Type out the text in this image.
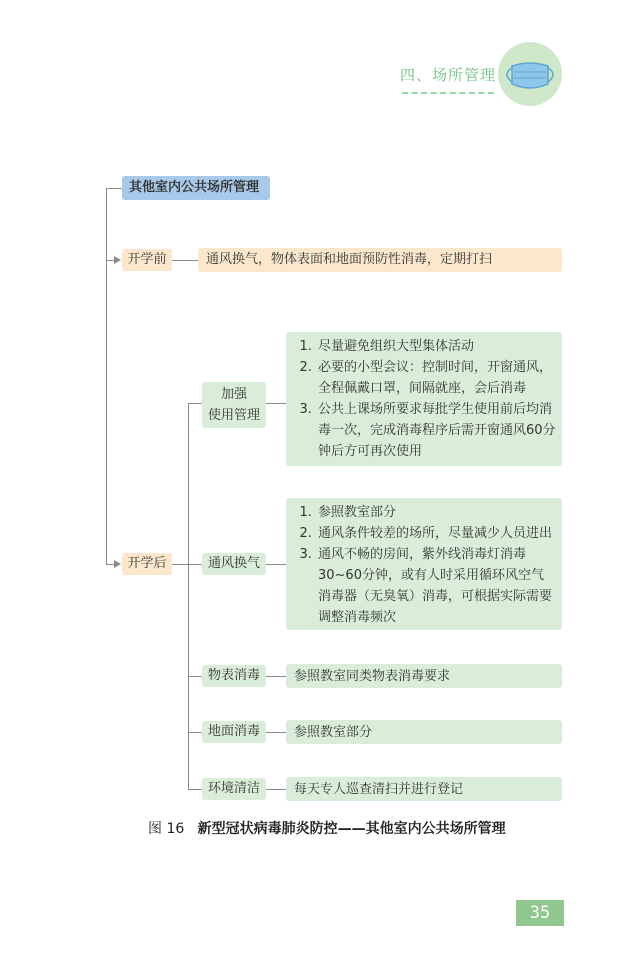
四、场所管理
其他室内公共场所管理
开学前	通风换气，物体表面和地面预防性消毒，定期打扫
开学后
加强
使用管理
1. 尽量避免组织大型集体活动
2. 必要的小型会议：控制时间，开窗通风，全程佩戴口罩，间隔就座，会后消毒
3. 公共上课场所要求每批学生使用前后均消毒一次，完成消毒程序后需开窗通风60分钟后方可再次使用
通风换气
1. 参照教室部分
2. 通风条件较差的场所，尽量减少人员进出
3. 通风不畅的房间，紫外线消毒灯消毒30~60分钟，或有人时采用循环风空气消毒器（无臭氧）消毒，可根据实际需要调整消毒频次
物表消毒	参照教室同类物表消毒要求
地面消毒	参照教室部分
环境清洁	每天专人巡查清扫并进行登记
图 16 新型冠状病毒肺炎防控——其他室内公共场所管理
35
